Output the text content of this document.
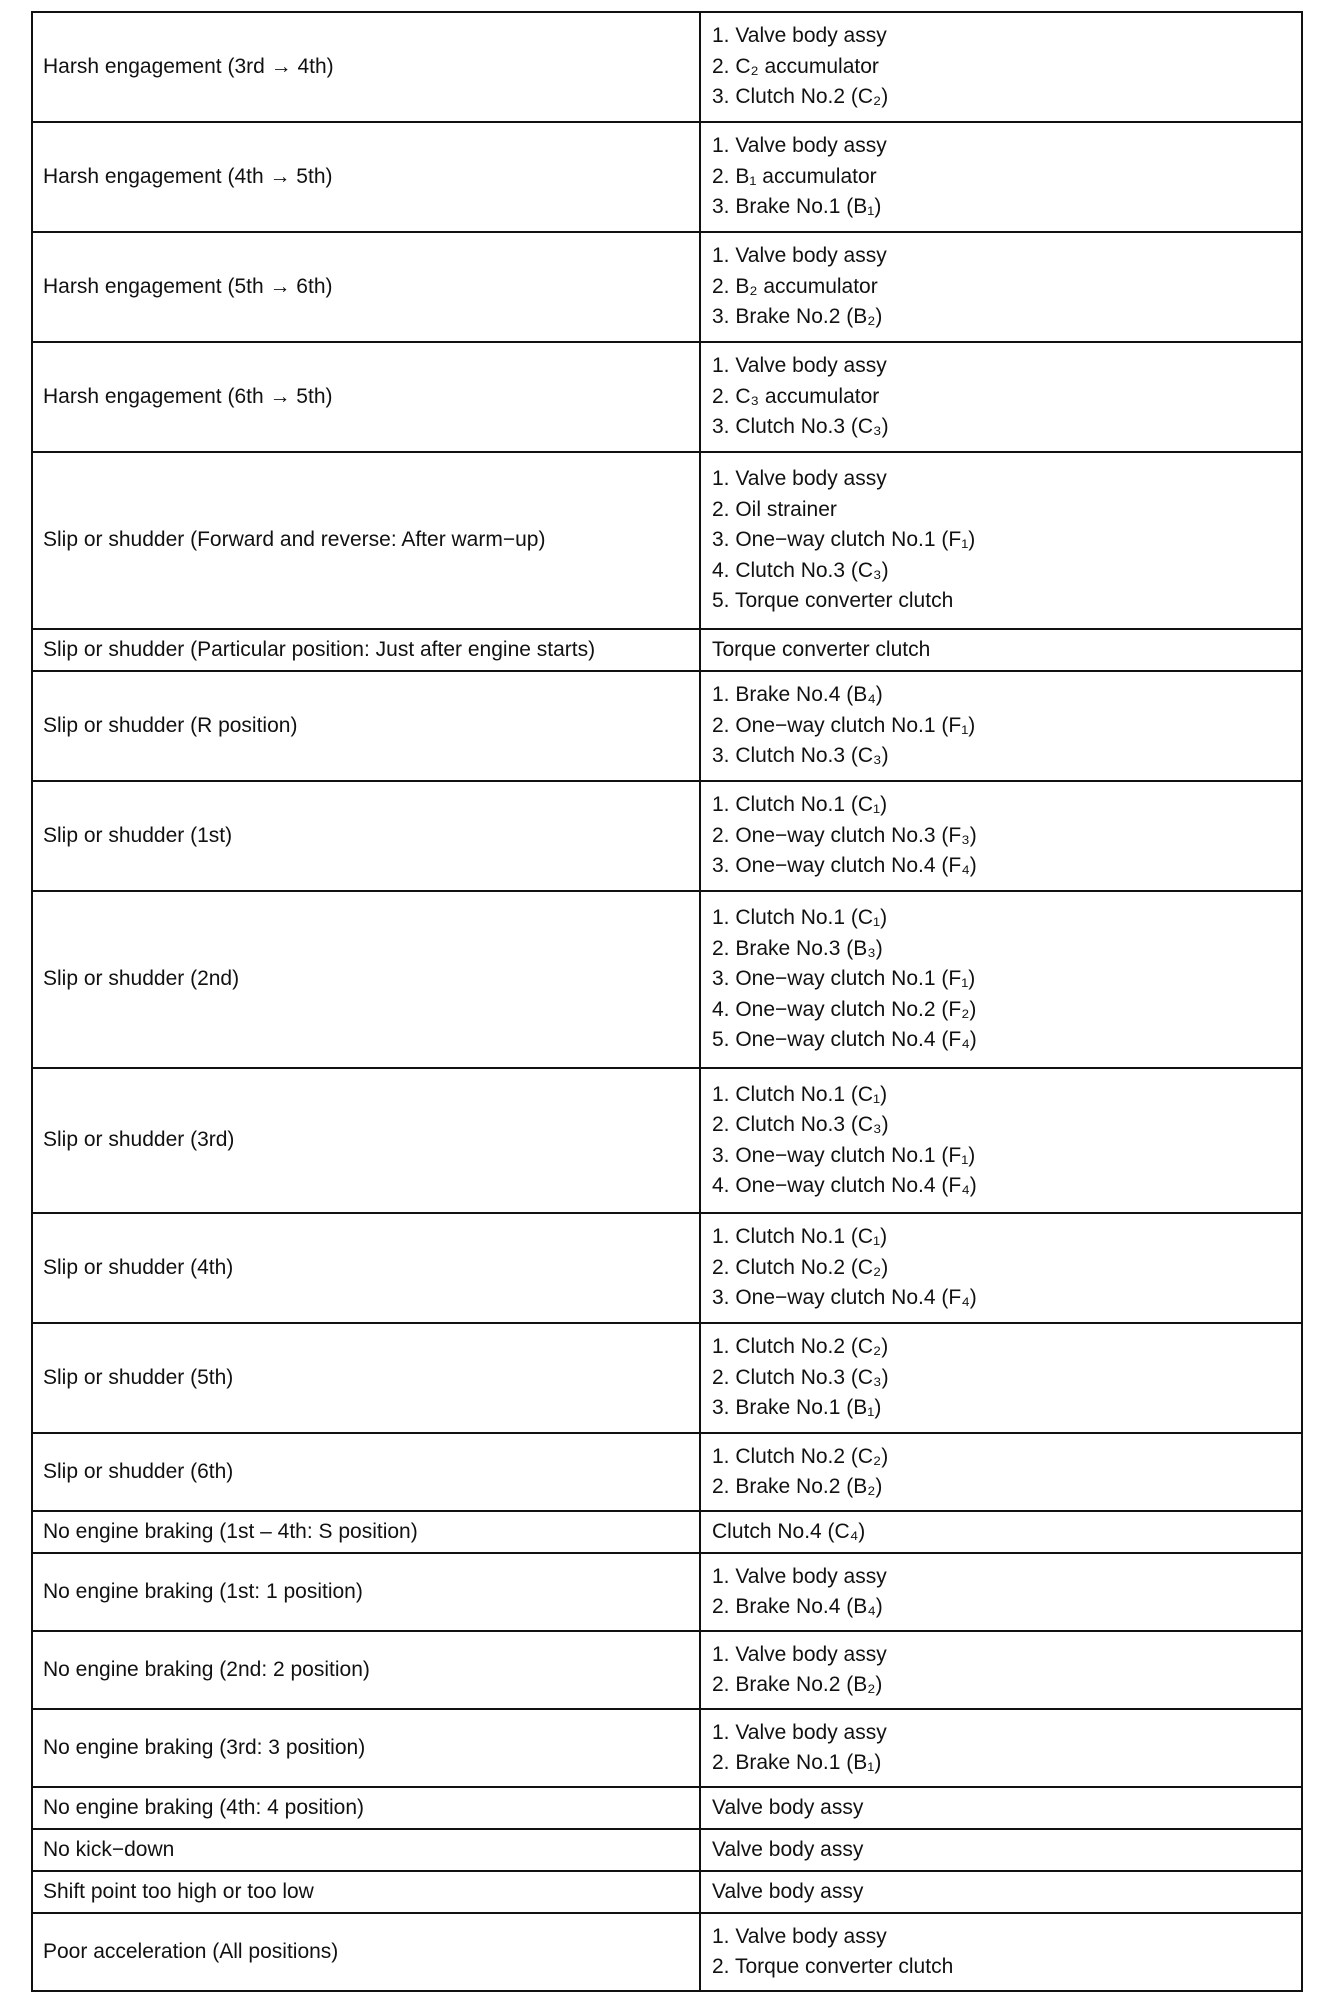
Harsh engagement (3rd → 4th)	1. Valve body assy
2. C₂ accumulator
3. Clutch No.2 (C₂)

Harsh engagement (4th → 5th)	1. Valve body assy
2. B₁ accumulator
3. Brake No.1 (B₁)

Harsh engagement (5th → 6th)	1. Valve body assy
2. B₂ accumulator
3. Brake No.2 (B₂)

Harsh engagement (6th → 5th)	1. Valve body assy
2. C₃ accumulator
3. Clutch No.3 (C₃)

Slip or shudder (Forward and reverse: After warm−up)	1. Valve body assy
2. Oil strainer
3. One−way clutch No.1 (F₁)
4. Clutch No.3 (C₃)
5. Torque converter clutch

Slip or shudder (Particular position: Just after engine starts)	Torque converter clutch

Slip or shudder (R position)	1. Brake No.4 (B₄)
2. One−way clutch No.1 (F₁)
3. Clutch No.3 (C₃)

Slip or shudder (1st)	1. Clutch No.1 (C₁)
2. One−way clutch No.3 (F₃)
3. One−way clutch No.4 (F₄)

Slip or shudder (2nd)	1. Clutch No.1 (C₁)
2. Brake No.3 (B₃)
3. One−way clutch No.1 (F₁)
4. One−way clutch No.2 (F₂)
5. One−way clutch No.4 (F₄)

Slip or shudder (3rd)	1. Clutch No.1 (C₁)
2. Clutch No.3 (C₃)
3. One−way clutch No.1 (F₁)
4. One−way clutch No.4 (F₄)

Slip or shudder (4th)	1. Clutch No.1 (C₁)
2. Clutch No.2 (C₂)
3. One−way clutch No.4 (F₄)

Slip or shudder (5th)	1. Clutch No.2 (C₂)
2. Clutch No.3 (C₃)
3. Brake No.1 (B₁)

Slip or shudder (6th)	1. Clutch No.2 (C₂)
2. Brake No.2 (B₂)

No engine braking (1st – 4th: S position)	Clutch No.4 (C₄)

No engine braking (1st: 1 position)	1. Valve body assy
2. Brake No.4 (B₄)

No engine braking (2nd: 2 position)	1. Valve body assy
2. Brake No.2 (B₂)

No engine braking (3rd: 3 position)	1. Valve body assy
2. Brake No.1 (B₁)

No engine braking (4th: 4 position)	Valve body assy

No kick−down	Valve body assy

Shift point too high or too low	Valve body assy

Poor acceleration (All positions)	1. Valve body assy
2. Torque converter clutch
